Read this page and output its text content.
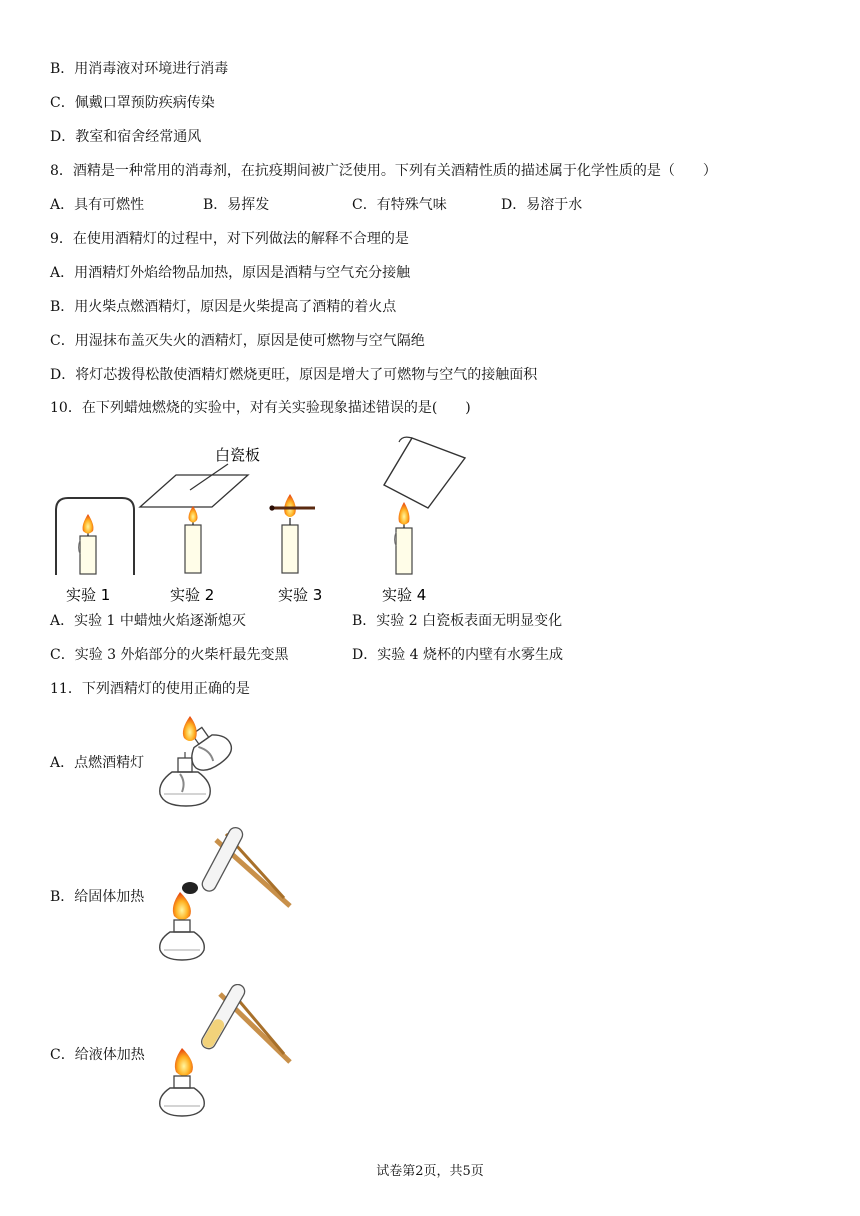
B．用消毒液对环境进行消毒
C．佩戴口罩预防疾病传染
D．教室和宿舍经常通风
8．酒精是一种常用的消毒剂，在抗疫期间被广泛使用。下列有关酒精性质的描述属于化学性质的是（　　）
A．具有可燃性	B．易挥发	C．有特殊气味	D．易溶于水
9．在使用酒精灯的过程中，对下列做法的解释不合理的是
A．用酒精灯外焰给物品加热，原因是酒精与空气充分接触
B．用火柴点燃酒精灯，原因是火柴提高了酒精的着火点
C．用湿抹布盖灭失火的酒精灯，原因是使可燃物与空气隔绝
D．将灯芯拨得松散使酒精灯燃烧更旺，原因是增大了可燃物与空气的接触面积
10．在下列蜡烛燃烧的实验中，对有关实验现象描述错误的是(　　)
白瓷板
实验 1	实验 2	实验 3	实验 4
A．实验 1 中蜡烛火焰逐渐熄灭	B．实验 2 白瓷板表面无明显变化
C．实验 3 外焰部分的火柴杆最先变黑	D．实验 4 烧杯的内壁有水雾生成
11．下列酒精灯的使用正确的是
A．点燃酒精灯
B．给固体加热
C．给液体加热
试卷第2页，共5页
